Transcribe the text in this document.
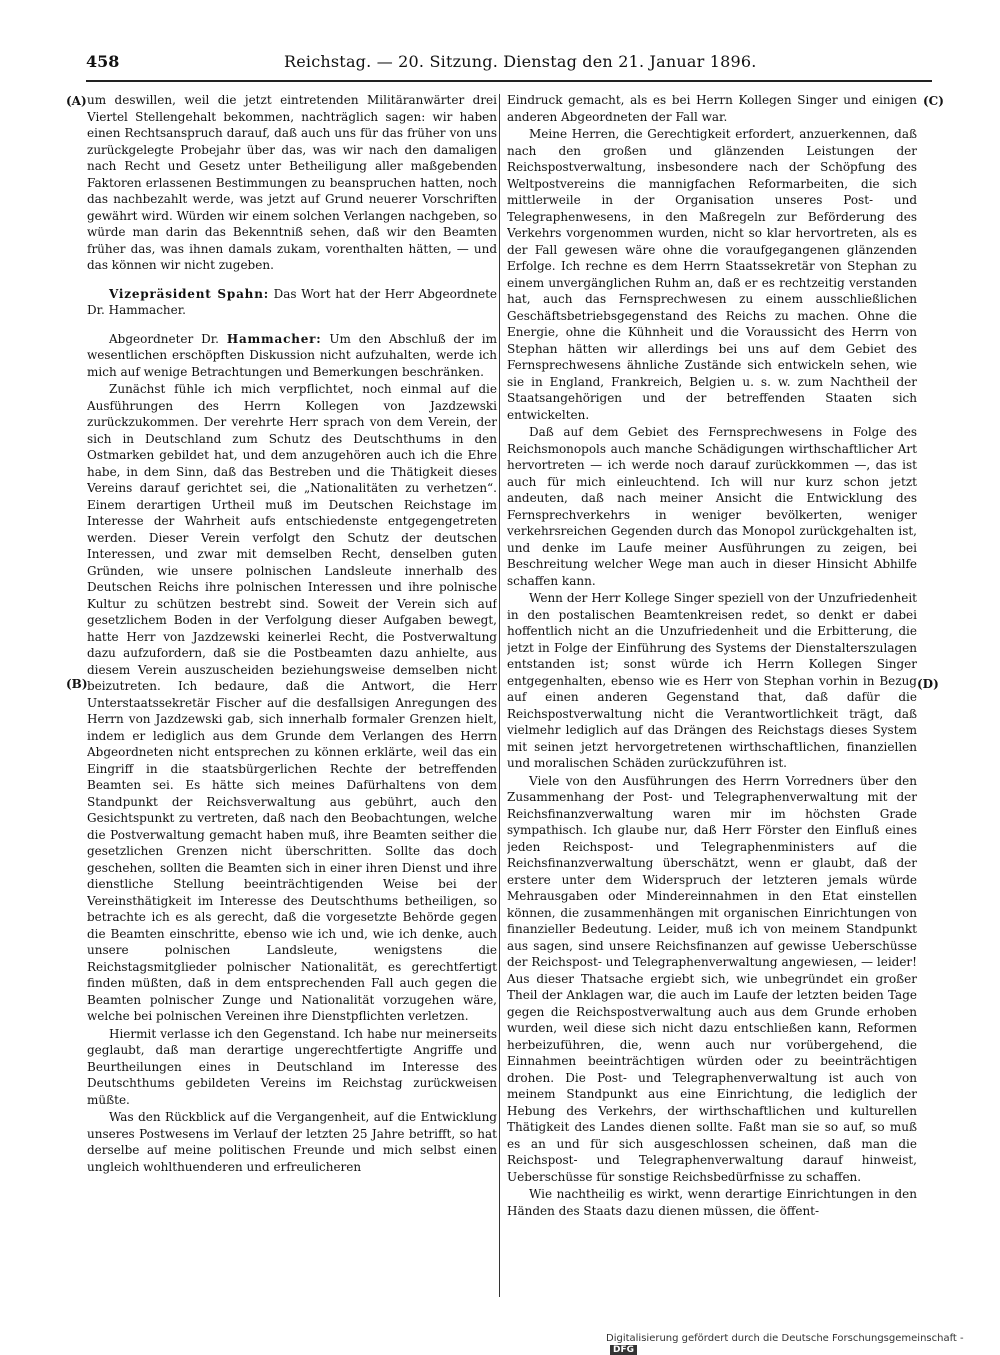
458	Reichstag. — 20. Sitzung. Dienstag den 21. Januar 1896.
(A)
(B)
(C)
(D)

um deswillen, weil die jetzt eintretenden Militäranwärter drei Viertel Stellengehalt bekommen, nachträglich sagen: wir haben einen Rechtsanspruch darauf, daß auch uns für das früher von uns zurückgelegte Probejahr über das, was wir nach den damaligen nach Recht und Gesetz unter Betheiligung aller maßgebenden Faktoren erlassenen Bestimmungen zu beanspruchen hatten, noch das nachbezahlt werde, was jetzt auf Grund neuerer Vorschriften gewährt wird. Würden wir einem solchen Verlangen nachgeben, so würde man darin das Bekenntniß sehen, daß wir den Beamten früher das, was ihnen damals zukam, vorenthalten hätten, — und das können wir nicht zugeben.

Vizepräsident Spahn: Das Wort hat der Herr Abgeordnete Dr. Hammacher.

Abgeordneter Dr. Hammacher: Um den Abschluß der im wesentlichen erschöpften Diskussion nicht aufzuhalten, werde ich mich auf wenige Betrachtungen und Bemerkungen beschränken.

Zunächst fühle ich mich verpflichtet, noch einmal auf die Ausführungen des Herrn Kollegen von Jazdzewski zurückzukommen. Der verehrte Herr sprach von dem Verein, der sich in Deutschland zum Schutz des Deutschthums in den Ostmarken gebildet hat, und dem anzugehören auch ich die Ehre habe, in dem Sinn, daß das Bestreben und die Thätigkeit dieses Vereins darauf gerichtet sei, die „Nationalitäten zu verhetzen“. Einem derartigen Urtheil muß im Deutschen Reichstage im Interesse der Wahrheit aufs entschiedenste entgegengetreten werden. Dieser Verein verfolgt den Schutz der deutschen Interessen, und zwar mit demselben Recht, denselben guten Gründen, wie unsere polnischen Landsleute innerhalb des Deutschen Reichs ihre polnischen Interessen und ihre polnische Kultur zu schützen bestrebt sind. Soweit der Verein sich auf gesetzlichem Boden in der Verfolgung dieser Aufgaben bewegt, hatte Herr von Jazdzewski keinerlei Recht, die Postverwaltung dazu aufzufordern, daß sie die Postbeamten dazu anhielte, aus diesem Verein auszuscheiden beziehungsweise demselben nicht beizutreten. Ich bedaure, daß die Antwort, die Herr Unterstaatssekretär Fischer auf die desfallsigen Anregungen des Herrn von Jazdzewski gab, sich innerhalb formaler Grenzen hielt, indem er lediglich aus dem Grunde dem Verlangen des Herrn Abgeordneten nicht entsprechen zu können erklärte, weil das ein Eingriff in die staatsbürgerlichen Rechte der betreffenden Beamten sei. Es hätte sich meines Dafürhaltens von dem Standpunkt der Reichsverwaltung aus gebührt, auch den Gesichtspunkt zu vertreten, daß nach den Beobachtungen, welche die Postverwaltung gemacht haben muß, ihre Beamten seither die gesetzlichen Grenzen nicht überschritten. Sollte das doch geschehen, sollten die Beamten sich in einer ihren Dienst und ihre dienstliche Stellung beeinträchtigenden Weise bei der Vereinsthätigkeit im Interesse des Deutschthums betheiligen, so betrachte ich es als gerecht, daß die vorgesetzte Behörde gegen die Beamten einschritte, ebenso wie ich und, wie ich denke, auch unsere polnischen Landsleute, wenigstens die Reichstagsmitglieder polnischer Nationalität, es gerechtfertigt finden müßten, daß in dem entsprechenden Fall auch gegen die Beamten polnischer Zunge und Nationalität vorzugehen wäre, welche bei polnischen Vereinen ihre Dienstpflichten verletzen.

Hiermit verlasse ich den Gegenstand. Ich habe nur meinerseits geglaubt, daß man derartige ungerechtfertigte Angriffe und Beurtheilungen eines in Deutschland im Interesse des Deutschthums gebildeten Vereins im Reichstag zurückweisen müßte.

Was den Rückblick auf die Vergangenheit, auf die Entwicklung unseres Postwesens im Verlauf der letzten 25 Jahre betrifft, so hat derselbe auf meine politischen Freunde und mich selbst einen ungleich wohlthuenderen und erfreulicheren

Eindruck gemacht, als es bei Herrn Kollegen Singer und einigen anderen Abgeordneten der Fall war.

Meine Herren, die Gerechtigkeit erfordert, anzuerkennen, daß nach den großen und glänzenden Leistungen der Reichspostverwaltung, insbesondere nach der Schöpfung des Weltpostvereins die mannigfachen Reformarbeiten, die sich mittlerweile in der Organisation unseres Post- und Telegraphenwesens, in den Maßregeln zur Beförderung des Verkehrs vorgenommen wurden, nicht so klar hervortreten, als es der Fall gewesen wäre ohne die voraufgegangenen glänzenden Erfolge. Ich rechne es dem Herrn Staatssekretär von Stephan zu einem unvergänglichen Ruhm an, daß er es rechtzeitig verstanden hat, auch das Fernsprechwesen zu einem ausschließlichen Geschäftsbetriebsgegenstand des Reichs zu machen. Ohne die Energie, ohne die Kühnheit und die Voraussicht des Herrn von Stephan hätten wir allerdings bei uns auf dem Gebiet des Fernsprechwesens ähnliche Zustände sich entwickeln sehen, wie sie in England, Frankreich, Belgien u. s. w. zum Nachtheil der Staatsangehörigen und der betreffenden Staaten sich entwickelten.

Daß auf dem Gebiet des Fernsprechwesens in Folge des Reichsmonopols auch manche Schädigungen wirthschaftlicher Art hervortreten — ich werde noch darauf zurückkommen —, das ist auch für mich einleuchtend. Ich will nur kurz schon jetzt andeuten, daß nach meiner Ansicht die Entwicklung des Fernsprechverkehrs in weniger bevölkerten, weniger verkehrsreichen Gegenden durch das Monopol zurückgehalten ist, und denke im Laufe meiner Ausführungen zu zeigen, bei Beschreitung welcher Wege man auch in dieser Hinsicht Abhilfe schaffen kann.

Wenn der Herr Kollege Singer speziell von der Unzufriedenheit in den postalischen Beamtenkreisen redet, so denkt er dabei hoffentlich nicht an die Unzufriedenheit und die Erbitterung, die jetzt in Folge der Einführung des Systems der Dienstalterszulagen entstanden ist; sonst würde ich Herrn Kollegen Singer entgegenhalten, ebenso wie es Herr von Stephan vorhin in Bezug auf einen anderen Gegenstand that, daß dafür die Reichspostverwaltung nicht die Verantwortlichkeit trägt, daß vielmehr lediglich auf das Drängen des Reichstags dieses System mit seinen jetzt hervorgetretenen wirthschaftlichen, finanziellen und moralischen Schäden zurückzuführen ist.

Viele von den Ausführungen des Herrn Vorredners über den Zusammenhang der Post- und Telegraphenverwaltung mit der Reichsfinanzverwaltung waren mir im höchsten Grade sympathisch. Ich glaube nur, daß Herr Förster den Einfluß eines jeden Reichspost- und Telegraphenministers auf die Reichsfinanzverwaltung überschätzt, wenn er glaubt, daß der erstere unter dem Widerspruch der letzteren jemals würde Mehrausgaben oder Mindereinnahmen in den Etat einstellen können, die zusammenhängen mit organischen Einrichtungen von finanzieller Bedeutung. Leider, muß ich von meinem Standpunkt aus sagen, sind unsere Reichsfinanzen auf gewisse Ueberschüsse der Reichspost- und Telegraphenverwaltung angewiesen, — leider! Aus dieser Thatsache ergiebt sich, wie unbegründet ein großer Theil der Anklagen war, die auch im Laufe der letzten beiden Tage gegen die Reichspostverwaltung auch aus dem Grunde erhoben wurden, weil diese sich nicht dazu entschließen kann, Reformen herbeizuführen, die, wenn auch nur vorübergehend, die Einnahmen beeinträchtigen würden oder zu beeinträchtigen drohen. Die Post- und Telegraphenverwaltung ist auch von meinem Standpunkt aus eine Einrichtung, die lediglich der Hebung des Verkehrs, der wirthschaftlichen und kulturellen Thätigkeit des Landes dienen sollte. Faßt man sie so auf, so muß es an und für sich ausgeschlossen scheinen, daß man die Reichspost- und Telegraphenverwaltung darauf hinweist, Ueberschüsse für sonstige Reichsbedürfnisse zu schaffen.

Wie nachtheilig es wirkt, wenn derartige Einrichtungen in den Händen des Staats dazu dienen müssen, die öffent-

Digitalisierung gefördert durch die Deutsche Forschungsgemeinschaft -DFG
